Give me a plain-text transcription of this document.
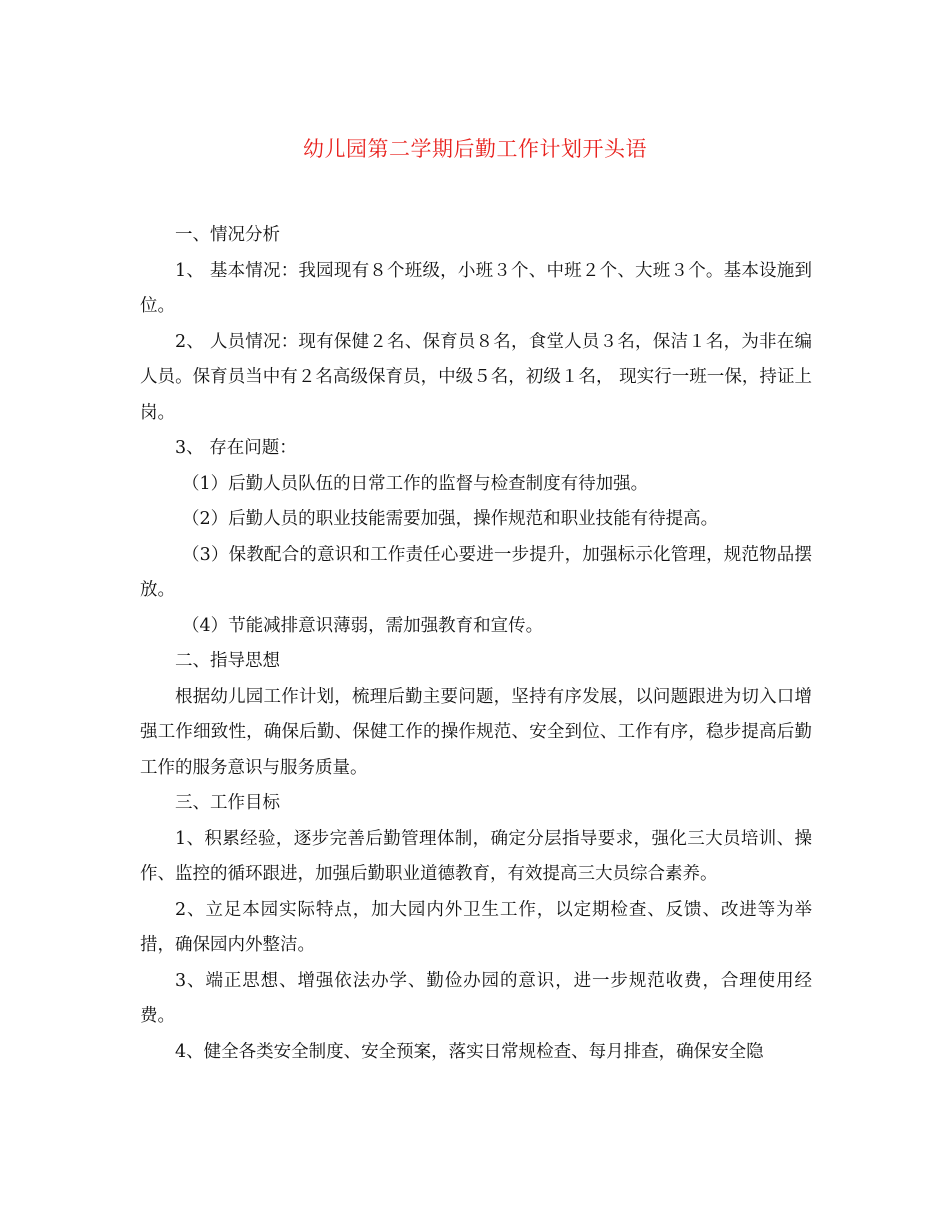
幼儿园第二学期后勤工作计划开头语

一、情况分析

1、 基本情况：我园现有８个班级，小班３个、中班２个、大班３个。基本设施到位。

2、 人员情况：现有保健２名、保育员８名，食堂人员３名，保洁１名，为非在编人员。保育员当中有２名高级保育员，中级５名，初级１名， 现实行一班一保，持证上岗。

3、 存在问题：

（1）后勤人员队伍的日常工作的监督与检查制度有待加强。

（2）后勤人员的职业技能需要加强，操作规范和职业技能有待提高。

（3）保教配合的意识和工作责任心要进一步提升，加强标示化管理，规范物品摆放。

（4）节能减排意识薄弱，需加强教育和宣传。

二、指导思想

根据幼儿园工作计划，梳理后勤主要问题，坚持有序发展，以问题跟进为切入口增强工作细致性，确保后勤、保健工作的操作规范、安全到位、工作有序，稳步提高后勤工作的服务意识与服务质量。

三、工作目标

1、积累经验，逐步完善后勤管理体制，确定分层指导要求，强化三大员培训、操作、监控的循环跟进，加强后勤职业道德教育，有效提高三大员综合素养。

2、立足本园实际特点，加大园内外卫生工作，以定期检查、反馈、改进等为举措，确保园内外整洁。

3、端正思想、增强依法办学、勤俭办园的意识，进一步规范收费，合理使用经费。

4、健全各类安全制度、安全预案，落实日常规检查、每月排查，确保安全隐
